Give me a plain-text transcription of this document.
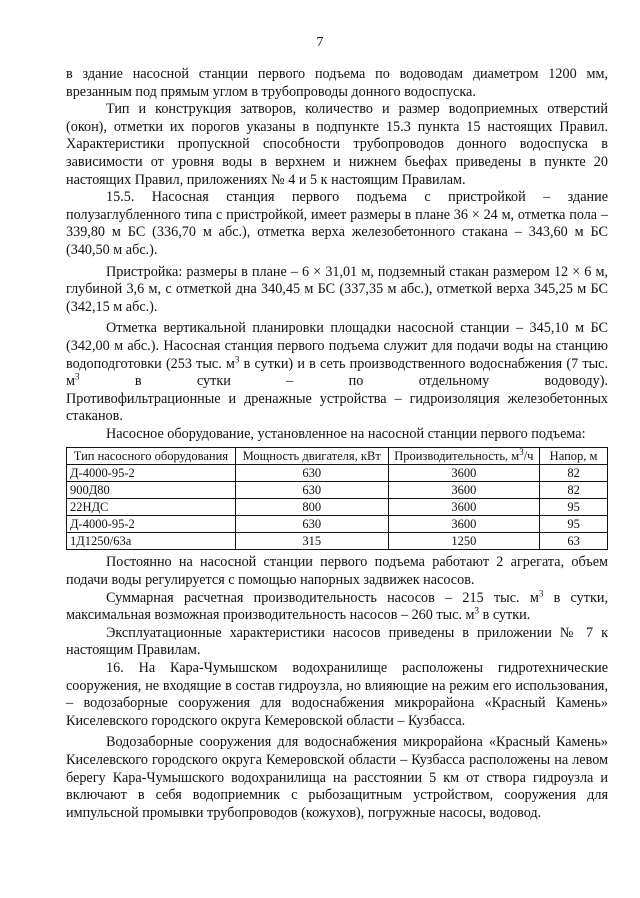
7

в здание насосной станции первого подъема по водоводам диаметром 1200 мм, врезанным под прямым углом в трубопроводы донного водоспуска.

Тип и конструкция затворов, количество и размер водоприемных отверстий (окон), отметки их порогов указаны в подпункте 15.3 пункта 15 настоящих Правил. Характеристики пропускной способности трубопроводов донного водоспуска в зависимости от уровня воды в верхнем и нижнем бьефах приведены в пункте 20 настоящих Правил, приложениях № 4 и 5 к настоящим Правилам.

15.5. Насосная станция первого подъема с пристройкой – здание полузаглубленного типа с пристройкой, имеет размеры в плане 36 × 24 м, отметка пола – 339,80 м БС (336,70 м абс.), отметка верха железобетонного стакана – 343,60 м БС (340,50 м абс.).

Пристройка: размеры в плане – 6 × 31,01 м, подземный стакан размером 12 × 6 м, глубиной 3,6 м, с отметкой дна 340,45 м БС (337,35 м абс.), отметкой верха 345,25 м БС (342,15 м абс.).

Отметка вертикальной планировки площадки насосной станции – 345,10 м БС (342,00 м абс.). Насосная станция первого подъема служит для подачи воды на станцию водоподготовки (253 тыс. $м^3$ в сутки) и в сеть производственного водоснабжения (7 тыс. $м^3$ в сутки – по отдельному водоводу).

Противофильтрационные и дренажные устройства – гидроизоляция железобетонных стаканов.

Насосное оборудование, установленное на насосной станции первого подъема:

Тип насосного оборудования	Мощность двигателя, кВт	Производительность, $м^3/ч$	Напор, м
Д-4000-95-2	630	3600	82
900Д80	630	3600	82
22НДС	800	3600	95
Д-4000-95-2	630	3600	95
1Д1250/63а	315	1250	63

Постоянно на насосной станции первого подъема работают 2 агрегата, объем подачи воды регулируется с помощью напорных задвижек насосов.

Суммарная расчетная производительность насосов – 215 тыс. $м^3$ в сутки, максимальная возможная производительность насосов – 260 тыс. $м^3$ в сутки.

Эксплуатационные характеристики насосов приведены в приложении № 7 к настоящим Правилам.

16. На Кара-Чумышском водохранилище расположены гидротехнические сооружения, не входящие в состав гидроузла, но влияющие на режим его использования, – водозаборные сооружения для водоснабжения микрорайона «Красный Камень» Киселевского городского округа Кемеровской области – Кузбасса.

Водозаборные сооружения для водоснабжения микрорайона «Красный Камень» Киселевского городского округа Кемеровской области – Кузбасса расположены на левом берегу Кара-Чумышского водохранилища на расстоянии 5 км от створа гидроузла и включают в себя водоприемник с рыбозащитным устройством, сооружения для импульсной промывки трубопроводов (кожухов), погружные насосы, водовод.
